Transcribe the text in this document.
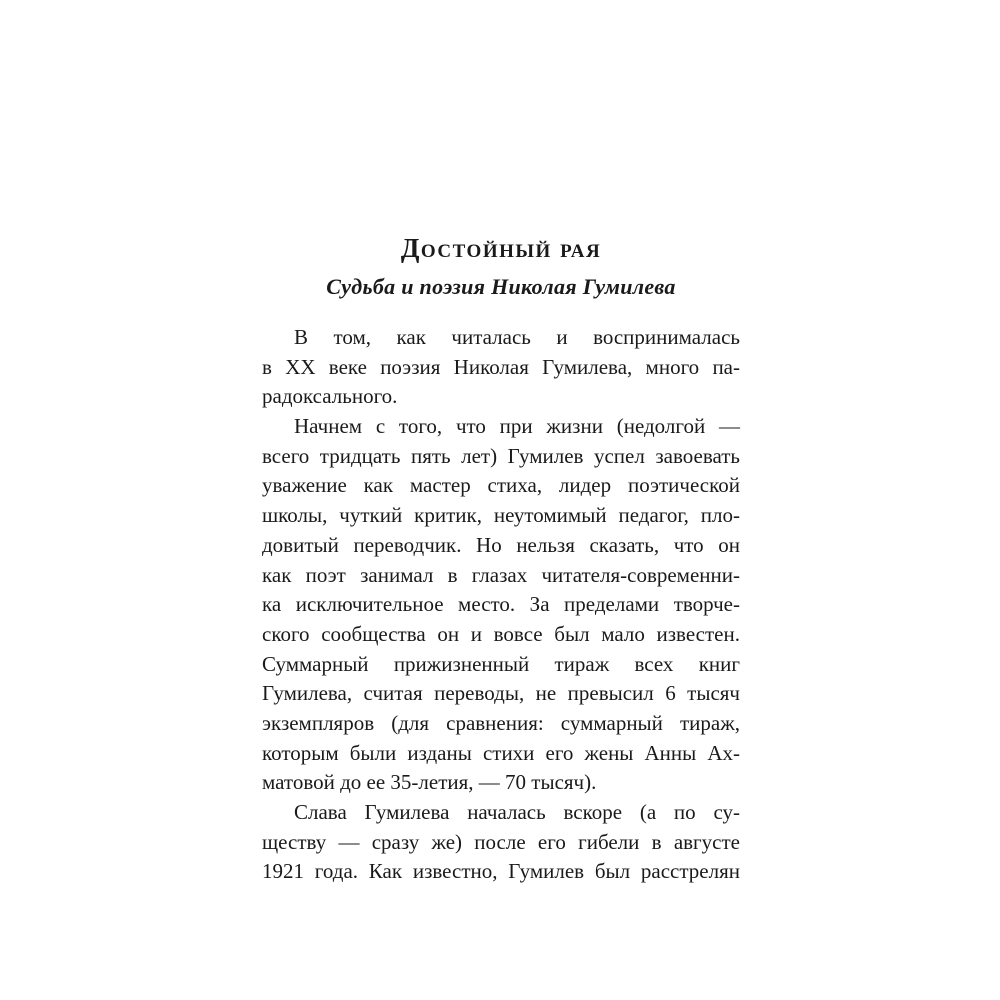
Достойный рая
Судьба и поэзия Николая Гумилева
В том, как читалась и воспринималась
в XX веке поэзия Николая Гумилева, много па-
радоксального.
Начнем с того, что при жизни (недолгой —
всего тридцать пять лет) Гумилев успел завоевать
уважение как мастер стиха, лидер поэтической
школы, чуткий критик, неутомимый педагог, пло-
довитый переводчик. Но нельзя сказать, что он
как поэт занимал в глазах читателя-современни-
ка исключительное место. За пределами творче-
ского сообщества он и вовсе был мало известен.
Суммарный прижизненный тираж всех книг
Гумилева, считая переводы, не превысил 6 тысяч
экземпляров (для сравнения: суммарный тираж,
которым были изданы стихи его жены Анны Ах-
матовой до ее 35-летия, — 70 тысяч).
Слава Гумилева началась вскоре (а по су-
ществу — сразу же) после его гибели в августе
1921 года. Как известно, Гумилев был расстрелян
